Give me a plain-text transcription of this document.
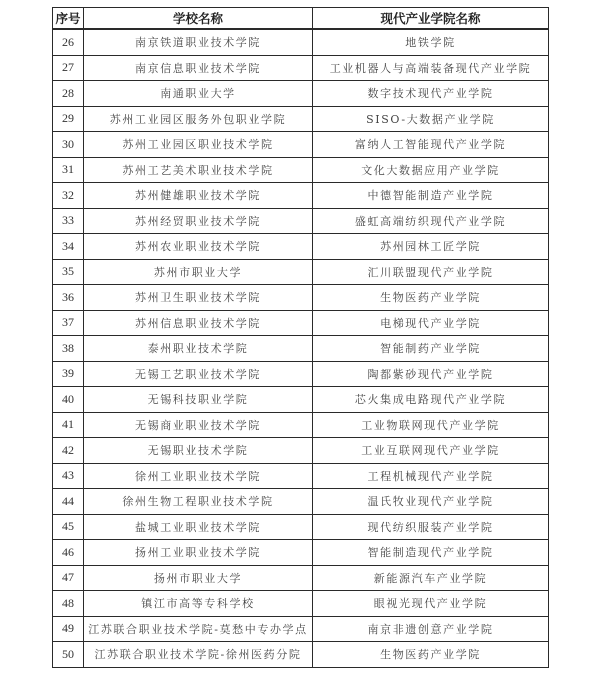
序号	学校名称	现代产业学院名称
26	南京铁道职业技术学院	地铁学院
27	南京信息职业技术学院	工业机器人与高端装备现代产业学院
28	南通职业大学	数字技术现代产业学院
29	苏州工业园区服务外包职业学院	SISO-大数据产业学院
30	苏州工业园区职业技术学院	富纳人工智能现代产业学院
31	苏州工艺美术职业技术学院	文化大数据应用产业学院
32	苏州健雄职业技术学院	中德智能制造产业学院
33	苏州经贸职业技术学院	盛虹高端纺织现代产业学院
34	苏州农业职业技术学院	苏州园林工匠学院
35	苏州市职业大学	汇川联盟现代产业学院
36	苏州卫生职业技术学院	生物医药产业学院
37	苏州信息职业技术学院	电梯现代产业学院
38	泰州职业技术学院	智能制药产业学院
39	无锡工艺职业技术学院	陶都紫砂现代产业学院
40	无锡科技职业学院	芯火集成电路现代产业学院
41	无锡商业职业技术学院	工业物联网现代产业学院
42	无锡职业技术学院	工业互联网现代产业学院
43	徐州工业职业技术学院	工程机械现代产业学院
44	徐州生物工程职业技术学院	温氏牧业现代产业学院
45	盐城工业职业技术学院	现代纺织服装产业学院
46	扬州工业职业技术学院	智能制造现代产业学院
47	扬州市职业大学	新能源汽车产业学院
48	镇江市高等专科学校	眼视光现代产业学院
49	江苏联合职业技术学院-莫愁中专办学点	南京非遗创意产业学院
50	江苏联合职业技术学院-徐州医药分院	生物医药产业学院
